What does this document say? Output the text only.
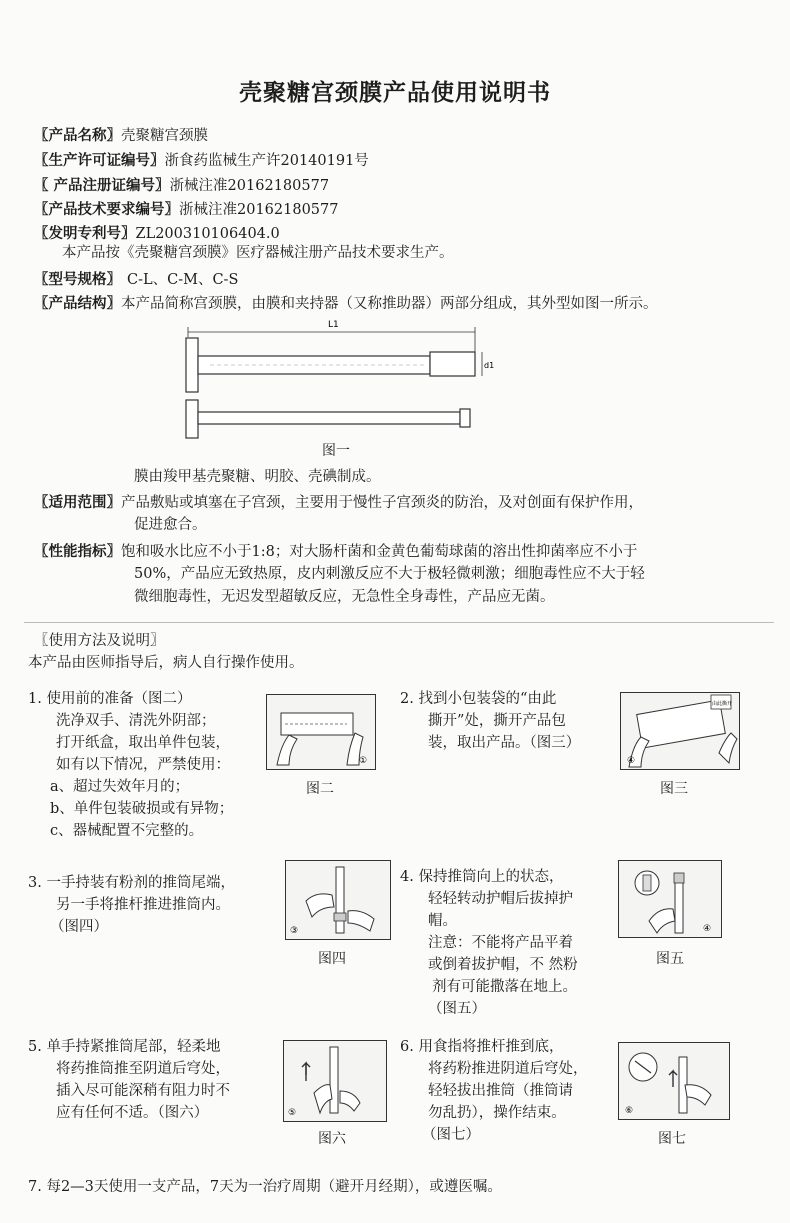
壳聚糖宫颈膜产品使用说明书
〖产品名称〗壳聚糖宫颈膜
〖生产许可证编号〗浙食药监械生产许20140191号
〖 产品注册证编号〗浙械注准20162180577
〖产品技术要求编号〗浙械注准20162180577
〖发明专利号〗ZL200310106404.0
本产品按《壳聚糖宫颈膜》医疗器械注册产品技术要求生产。
〖型号规格〗 C-L、C-M、C-S
〖产品结构〗本产品简称宫颈膜，由膜和夹持器（又称推助器）两部分组成，其外型如图一所示。
L1
d1
图一
膜由羧甲基壳聚糖、明胶、壳碘制成。
〖适用范围〗产品敷贴或填塞在子宫颈，主要用于慢性子宫颈炎的防治，及对创面有保护作用，
促进愈合。
〖性能指标〗饱和吸水比应不小于1:8；对大肠杆菌和金黄色葡萄球菌的溶出性抑菌率应不小于
50%，产品应无致热原，皮内刺激反应不大于极轻微刺激；细胞毒性应不大于轻
微细胞毒性，无迟发型超敏反应，无急性全身毒性，产品应无菌。
〖使用方法及说明〗
本产品由医师指导后，病人自行操作使用。
1. 使用前的准备（图二）
洗净双手、清洗外阴部；
打开纸盒，取出单件包装，
如有以下情况，严禁使用：
a、超过失效年月的；
b、单件包装破损或有异物；
c、器械配置不完整的。
①
图二
2. 找到小包装袋的“由此
撕开”处，撕开产品包
装，取出产品。（图三）
由此撕开
④
图三
3. 一手持装有粉剂的推筒尾端，
另一手将推杆推进推筒内。
（图四）	③
图四
4. 保持推筒向上的状态，
轻轻转动护帽后拔掉护
帽。
注意：不能将产品平着
或倒着拔护帽，不 然粉
剂有可能撒落在地上。
（图五）
④
图五
5. 单手持紧推筒尾部，轻柔地
将药推筒推至阴道后穹处，
插入尽可能深稍有阻力时不
应有任何不适。（图六）	⑤
图六
6. 用食指将推杆推到底，
将药粉推进阴道后穹处，
轻轻拔出推筒（推筒请
勿乱扔），操作结束。
（图七）
⑥
图七
7. 每2—3天使用一支产品，7天为一治疗周期（避开月经期），或遵医嘱。
